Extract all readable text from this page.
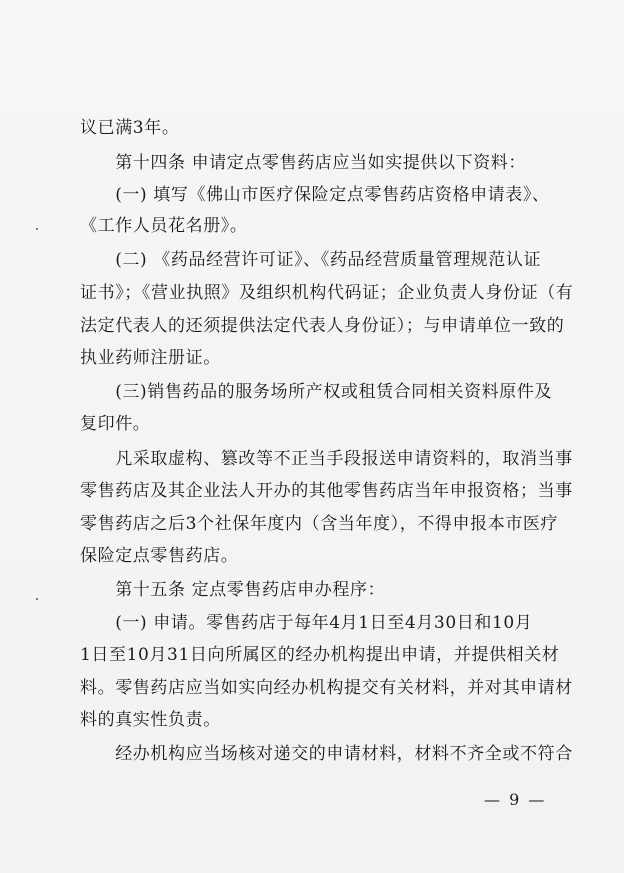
议已满3年。
　　第十四条 申请定点零售药店应当如实提供以下资料：
　　(一) 填写《佛山市医疗保险定点零售药店资格申请表》、
《工作人员花名册》。
　　(二) 《药品经营许可证》、《药品经营质量管理规范认证
证书》；《营业执照》及组织机构代码证；企业负责人身份证（有
法定代表人的还须提供法定代表人身份证）；与申请单位一致的
执业药师注册证。
　　(三)销售药品的服务场所产权或租赁合同相关资料原件及
复印件。
　　凡采取虚构、篡改等不正当手段报送申请资料的，取消当事
零售药店及其企业法人开办的其他零售药店当年申报资格；当事
零售药店之后3个社保年度内（含当年度），不得申报本市医疗
保险定点零售药店。
　　第十五条 定点零售药店申办程序：
　　(一) 申请。零售药店于每年4月1日至4月30日和10月
1日至10月31日向所属区的经办机构提出申请，并提供相关材
料。零售药店应当如实向经办机构提交有关材料，并对其申请材
料的真实性负责。
　　经办机构应当场核对递交的申请材料，材料不齐全或不符合
— 9 —
